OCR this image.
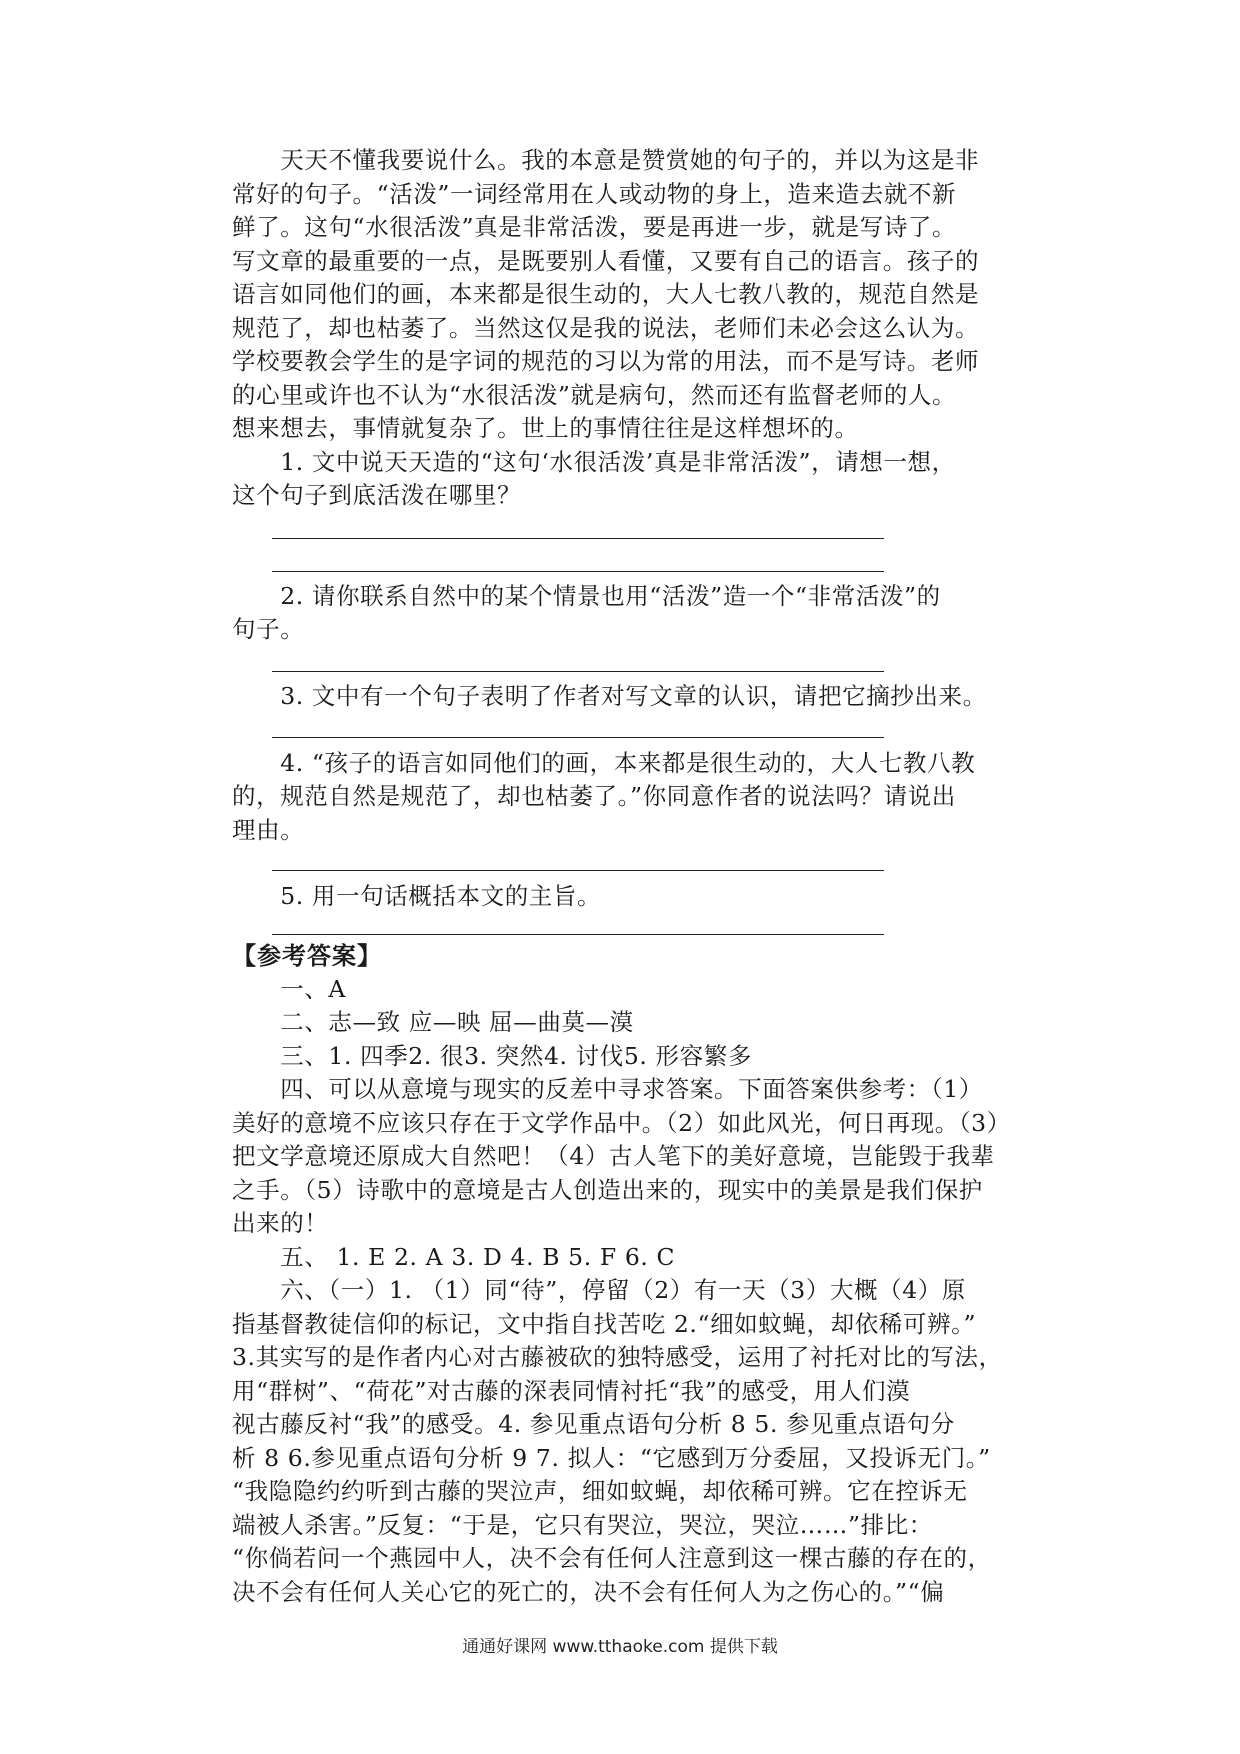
　　天天不懂我要说什么。我的本意是赞赏她的句子的，并以为这是非
常好的句子。“活泼”一词经常用在人或动物的身上，造来造去就不新
鲜了。这句“水很活泼”真是非常活泼，要是再进一步，就是写诗了。
写文章的最重要的一点，是既要别人看懂，又要有自己的语言。孩子的
语言如同他们的画，本来都是很生动的，大人七教八教的，规范自然是
规范了，却也枯萎了。当然这仅是我的说法，老师们未必会这么认为。
学校要教会学生的是字词的规范的习以为常的用法，而不是写诗。老师
的心里或许也不认为“水很活泼”就是病句，然而还有监督老师的人。
想来想去，事情就复杂了。世上的事情往往是这样想坏的。
　　1. 文中说天天造的“这句‘水很活泼’真是非常活泼”，请想一想，
这个句子到底活泼在哪里？
　　2. 请你联系自然中的某个情景也用“活泼”造一个“非常活泼”的
句子。
　　3. 文中有一个句子表明了作者对写文章的认识，请把它摘抄出来。
　　4. “孩子的语言如同他们的画，本来都是很生动的，大人七教八教
的，规范自然是规范了，却也枯萎了。”你同意作者的说法吗？请说出
理由。
　　5. 用一句话概括本文的主旨。
【参考答案】
　　一、A
　　二、志—致 应—映 屈—曲莫—漠
　　三、1. 四季2. 很3. 突然4. 讨伐5. 形容繁多
　　四、可以从意境与现实的反差中寻求答案。下面答案供参考：（1）
美好的意境不应该只存在于文学作品中。（2）如此风光，何日再现。（3）
把文学意境还原成大自然吧！（4）古人笔下的美好意境，岂能毁于我辈
之手。（5）诗歌中的意境是古人创造出来的，现实中的美景是我们保护
出来的！
　　五、 1. E 2. A 3. D 4. B 5. F 6. C
　　六、（一）1. （1）同“待”，停留（2）有一天（3）大概（4）原
指基督教徒信仰的标记，文中指自找苦吃 2.“细如蚊蝇，却依稀可辨。”
3.其实写的是作者内心对古藤被砍的独特感受，运用了衬托对比的写法，
用“群树”、“荷花”对古藤的深表同情衬托“我”的感受，用人们漠
视古藤反衬“我”的感受。4. 参见重点语句分析 8 5. 参见重点语句分
析 8 6.参见重点语句分析 9 7. 拟人：“它感到万分委屈，又投诉无门。”
“我隐隐约约听到古藤的哭泣声，细如蚊蝇，却依稀可辨。它在控诉无
端被人杀害。”反复：“于是，它只有哭泣，哭泣，哭泣……”排比：
“你倘若问一个燕园中人，决不会有任何人注意到这一棵古藤的存在的，
决不会有任何人关心它的死亡的，决不会有任何人为之伤心的。”“偏
通通好课网 www.tthaoke.com 提供下载
